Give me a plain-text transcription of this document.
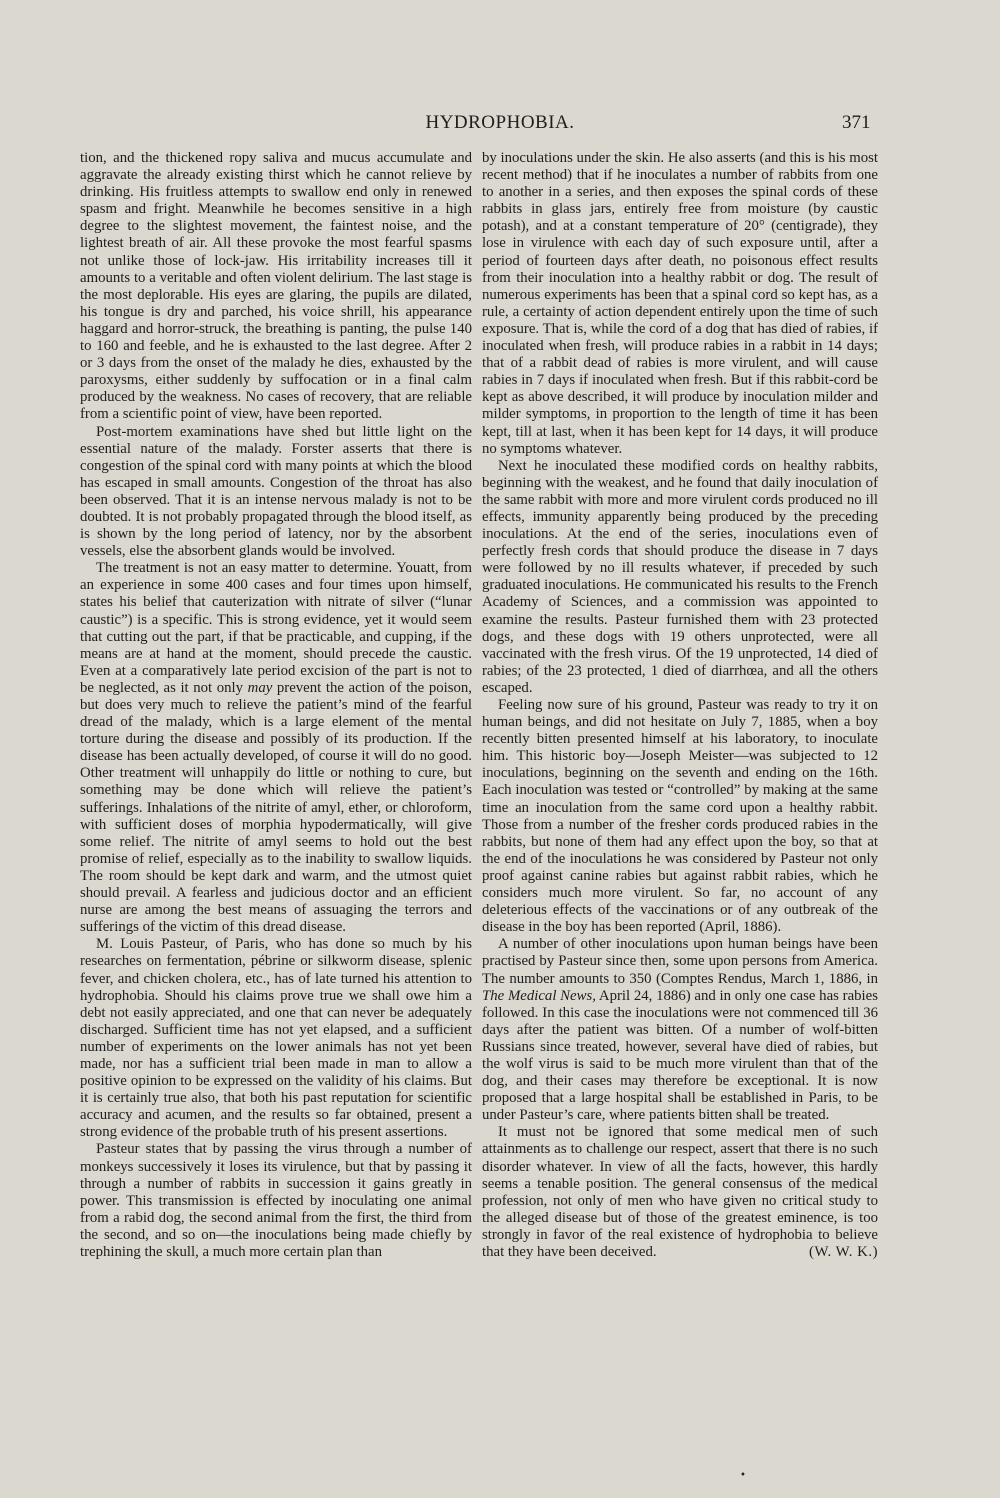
HYDROPHOBIA.	371

tion, and the thickened ropy saliva and mucus accumulate and aggravate the already existing thirst which he cannot relieve by drinking. His fruitless attempts to swallow end only in renewed spasm and fright. Meanwhile he becomes sensitive in a high degree to the slightest movement, the faintest noise, and the lightest breath of air. All these provoke the most fearful spasms not unlike those of lock-jaw. His irritability increases till it amounts to a veritable and often violent delirium. The last stage is the most deplorable. His eyes are glaring, the pupils are dilated, his tongue is dry and parched, his voice shrill, his appearance haggard and horror-struck, the breathing is panting, the pulse 140 to 160 and feeble, and he is exhausted to the last degree. After 2 or 3 days from the onset of the malady he dies, exhausted by the paroxysms, either suddenly by suffocation or in a final calm produced by the weakness. No cases of recovery, that are reliable from a scientific point of view, have been reported.

Post-mortem examinations have shed but little light on the essential nature of the malady. Forster asserts that there is congestion of the spinal cord with many points at which the blood has escaped in small amounts. Congestion of the throat has also been observed. That it is an intense nervous malady is not to be doubted. It is not probably propagated through the blood itself, as is shown by the long period of latency, nor by the absorbent vessels, else the absorbent glands would be involved.

The treatment is not an easy matter to determine. Youatt, from an experience in some 400 cases and four times upon himself, states his belief that cauterization with nitrate of silver (“lunar caustic”) is a specific. This is strong evidence, yet it would seem that cutting out the part, if that be practicable, and cupping, if the means are at hand at the moment, should precede the caustic. Even at a comparatively late period excision of the part is not to be neglected, as it not only may prevent the action of the poison, but does very much to relieve the patient’s mind of the fearful dread of the malady, which is a large element of the mental torture during the disease and possibly of its production. If the disease has been actually developed, of course it will do no good. Other treatment will unhappily do little or nothing to cure, but something may be done which will relieve the patient’s sufferings. Inhalations of the nitrite of amyl, ether, or chloroform, with sufficient doses of morphia hypodermatically, will give some relief. The nitrite of amyl seems to hold out the best promise of relief, especially as to the inability to swallow liquids. The room should be kept dark and warm, and the utmost quiet should prevail. A fearless and judicious doctor and an efficient nurse are among the best means of assuaging the terrors and sufferings of the victim of this dread disease.

M. Louis Pasteur, of Paris, who has done so much by his researches on fermentation, pébrine or silkworm disease, splenic fever, and chicken cholera, etc., has of late turned his attention to hydrophobia. Should his claims prove true we shall owe him a debt not easily appreciated, and one that can never be adequately discharged. Sufficient time has not yet elapsed, and a sufficient number of experiments on the lower animals has not yet been made, nor has a sufficient trial been made in man to allow a positive opinion to be expressed on the validity of his claims. But it is certainly true also, that both his past reputation for scientific accuracy and acumen, and the results so far obtained, present a strong evidence of the probable truth of his present assertions.

Pasteur states that by passing the virus through a number of monkeys successively it loses its virulence, but that by passing it through a number of rabbits in succession it gains greatly in power. This transmission is effected by inoculating one animal from a rabid dog, the second animal from the first, the third from the second, and so on—the inoculations being made chiefly by trephining the skull, a much more certain plan than

by inoculations under the skin. He also asserts (and this is his most recent method) that if he inoculates a number of rabbits from one to another in a series, and then exposes the spinal cords of these rabbits in glass jars, entirely free from moisture (by caustic potash), and at a constant temperature of 20° (centigrade), they lose in virulence with each day of such exposure until, after a period of fourteen days after death, no poisonous effect results from their inoculation into a healthy rabbit or dog. The result of numerous experiments has been that a spinal cord so kept has, as a rule, a certainty of action dependent entirely upon the time of such exposure. That is, while the cord of a dog that has died of rabies, if inoculated when fresh, will produce rabies in a rabbit in 14 days; that of a rabbit dead of rabies is more virulent, and will cause rabies in 7 days if inoculated when fresh. But if this rabbit-cord be kept as above described, it will produce by inoculation milder and milder symptoms, in proportion to the length of time it has been kept, till at last, when it has been kept for 14 days, it will produce no symptoms whatever.

Next he inoculated these modified cords on healthy rabbits, beginning with the weakest, and he found that daily inoculation of the same rabbit with more and more virulent cords produced no ill effects, immunity apparently being produced by the preceding inoculations. At the end of the series, inoculations even of perfectly fresh cords that should produce the disease in 7 days were followed by no ill results whatever, if preceded by such graduated inoculations. He communicated his results to the French Academy of Sciences, and a commission was appointed to examine the results. Pasteur furnished them with 23 protected dogs, and these dogs with 19 others unprotected, were all vaccinated with the fresh virus. Of the 19 unprotected, 14 died of rabies; of the 23 protected, 1 died of diarrhœa, and all the others escaped.

Feeling now sure of his ground, Pasteur was ready to try it on human beings, and did not hesitate on July 7, 1885, when a boy recently bitten presented himself at his laboratory, to inoculate him. This historic boy—Joseph Meister—was subjected to 12 inoculations, beginning on the seventh and ending on the 16th. Each inoculation was tested or “controlled” by making at the same time an inoculation from the same cord upon a healthy rabbit. Those from a number of the fresher cords produced rabies in the rabbits, but none of them had any effect upon the boy, so that at the end of the inoculations he was considered by Pasteur not only proof against canine rabies but against rabbit rabies, which he considers much more virulent. So far, no account of any deleterious effects of the vaccinations or of any outbreak of the disease in the boy has been reported (April, 1886).

A number of other inoculations upon human beings have been practised by Pasteur since then, some upon persons from America. The number amounts to 350 (Comptes Rendus, March 1, 1886, in The Medical News, April 24, 1886) and in only one case has rabies followed. In this case the inoculations were not commenced till 36 days after the patient was bitten. Of a number of wolf-bitten Russians since treated, however, several have died of rabies, but the wolf virus is said to be much more virulent than that of the dog, and their cases may therefore be exceptional. It is now proposed that a large hospital shall be established in Paris, to be under Pasteur’s care, where patients bitten shall be treated.

It must not be ignored that some medical men of such attainments as to challenge our respect, assert that there is no such disorder whatever. In view of all the facts, however, this hardly seems a tenable position. The general consensus of the medical profession, not only of men who have given no critical study to the alleged disease but of those of the greatest eminence, is too strongly in favor of the real existence of hydrophobia to believe that they have been deceived.	(W. W. K.)

•
